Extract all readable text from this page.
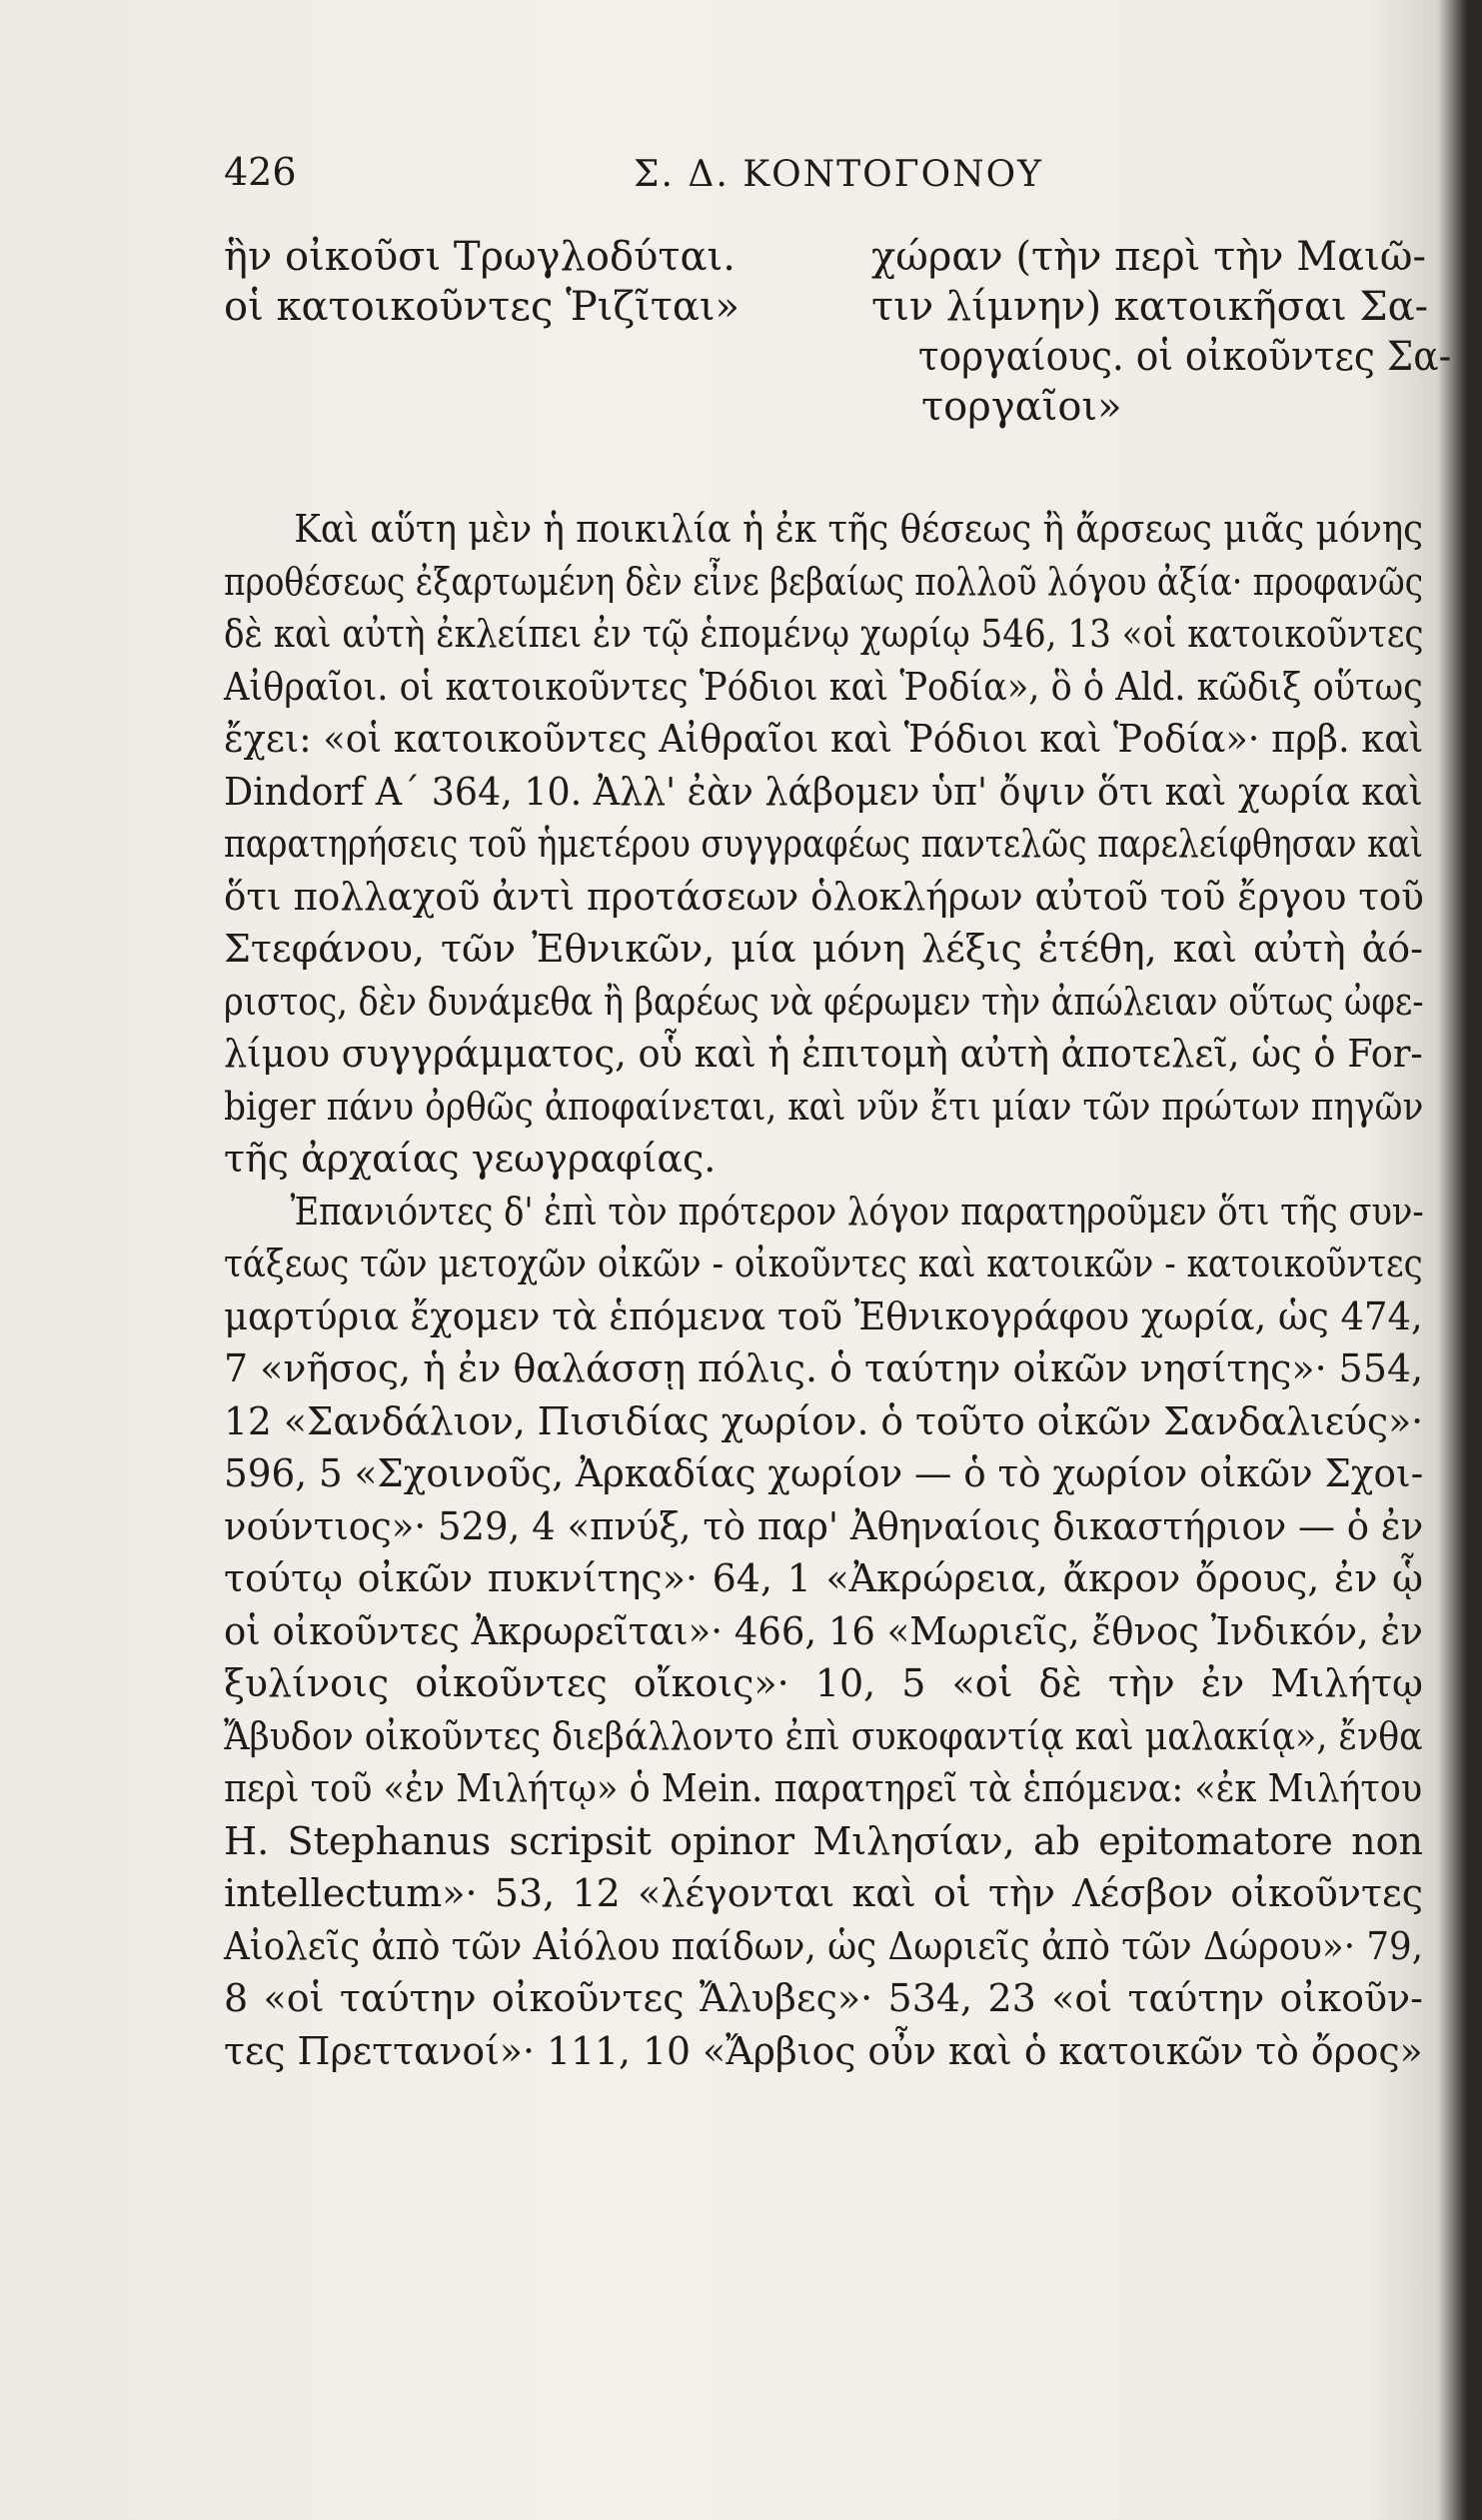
426	Σ. Δ. ΚΟΝΤΟΓΟΝΟΥ
ἣν οἰκοῦσι Τρωγλοδύται.
οἱ κατοικοῦντες Ῥιζῖται»
χώραν (τὴν περὶ τὴν Μαιῶ-
τιν λίμνην) κατοικῆσαι Σα-
τοργαίους. οἱ οἰκοῦντες Σα-
τοργαῖοι»
Καὶ αὕτη μὲν ἡ ποικιλία ἡ ἐκ τῆς θέσεως ἢ ἄρσεως μιᾶς μόνης
προθέσεως ἐξαρτωμένη δὲν εἶνε βεβαίως πολλοῦ λόγου ἀξία· προφανῶς
δὲ καὶ αὐτὴ ἐκλείπει ἐν τῷ ἑπομένῳ χωρίῳ 546, 13 «οἱ κατοικοῦντες
Αἰθραῖοι. οἱ κατοικοῦντες Ῥόδιοι καὶ Ῥοδία», ὃ ὁ Ald. κῶδιξ οὕτως
ἔχει: «οἱ κατοικοῦντες Αἰθραῖοι καὶ Ῥόδιοι καὶ Ῥοδία»· πρβ. καὶ
Dindorf A΄ 364, 10. Ἀλλ' ἐὰν λάβομεν ὑπ' ὄψιν ὅτι καὶ χωρία καὶ
παρατηρήσεις τοῦ ἡμετέρου συγγραφέως παντελῶς παρελείφθησαν καὶ
ὅτι πολλαχοῦ ἀντὶ προτάσεων ὁλοκλήρων αὐτοῦ τοῦ ἔργου τοῦ
Στεφάνου, τῶν Ἐθνικῶν, μία μόνη λέξις ἐτέθη, καὶ αὐτὴ ἀό-
ριστος, δὲν δυνάμεθα ἢ βαρέως νὰ φέρωμεν τὴν ἀπώλειαν οὕτως ὠφε-
λίμου συγγράμματος, οὗ καὶ ἡ ἐπιτομὴ αὐτὴ ἀποτελεῖ, ὡς ὁ For-
biger πάνυ ὀρθῶς ἀποφαίνεται, καὶ νῦν ἔτι μίαν τῶν πρώτων πηγῶν
τῆς ἀρχαίας γεωγραφίας.
Ἐπανιόντες δ' ἐπὶ τὸν πρότερον λόγον παρατηροῦμεν ὅτι τῆς συν-
τάξεως τῶν μετοχῶν οἰκῶν - οἰκοῦντες καὶ κατοικῶν - κατοικοῦντες
μαρτύρια ἔχομεν τὰ ἑπόμενα τοῦ Ἐθνικογράφου χωρία, ὡς 474,
7 «νῆσος, ἡ ἐν θαλάσσῃ πόλις. ὁ ταύτην οἰκῶν νησίτης»· 554,
12 «Σανδάλιον, Πισιδίας χωρίον. ὁ τοῦτο οἰκῶν Σανδαλιεύς»·
596, 5 «Σχοινοῦς, Ἀρκαδίας χωρίον — ὁ τὸ χωρίον οἰκῶν Σχοι-
νούντιος»· 529, 4 «πνύξ, τὸ παρ' Ἀθηναίοις δικαστήριον — ὁ ἐν
τούτῳ οἰκῶν πυκνίτης»· 64, 1 «Ἀκρώρεια, ἄκρον ὄρους, ἐν ᾧ
οἱ οἰκοῦντες Ἀκρωρεῖται»· 466, 16 «Μωριεῖς, ἔθνος Ἰνδικόν, ἐν
ξυλίνοις οἰκοῦντες οἴκοις»· 10, 5 «οἱ δὲ τὴν ἐν Μιλήτῳ
Ἄβυδον οἰκοῦντες διεβάλλοντο ἐπὶ συκοφαντίᾳ καὶ μαλακίᾳ», ἔνθα
περὶ τοῦ «ἐν Μιλήτῳ» ὁ Mein. παρατηρεῖ τὰ ἑπόμενα: «ἐκ Μιλήτου
H. Stephanus scripsit opinor Μιλησίαν, ab epitomatore non
intellectum»· 53, 12 «λέγονται καὶ οἱ τὴν Λέσβον οἰκοῦντες
Αἰολεῖς ἀπὸ τῶν Αἰόλου παίδων, ὡς Δωριεῖς ἀπὸ τῶν Δώρου»· 79,
8 «οἱ ταύτην οἰκοῦντες Ἄλυβες»· 534, 23 «οἱ ταύτην οἰκοῦν-
τες Πρεττανοί»· 111, 10 «Ἄρβιος οὖν καὶ ὁ κατοικῶν τὸ ὄρος»
